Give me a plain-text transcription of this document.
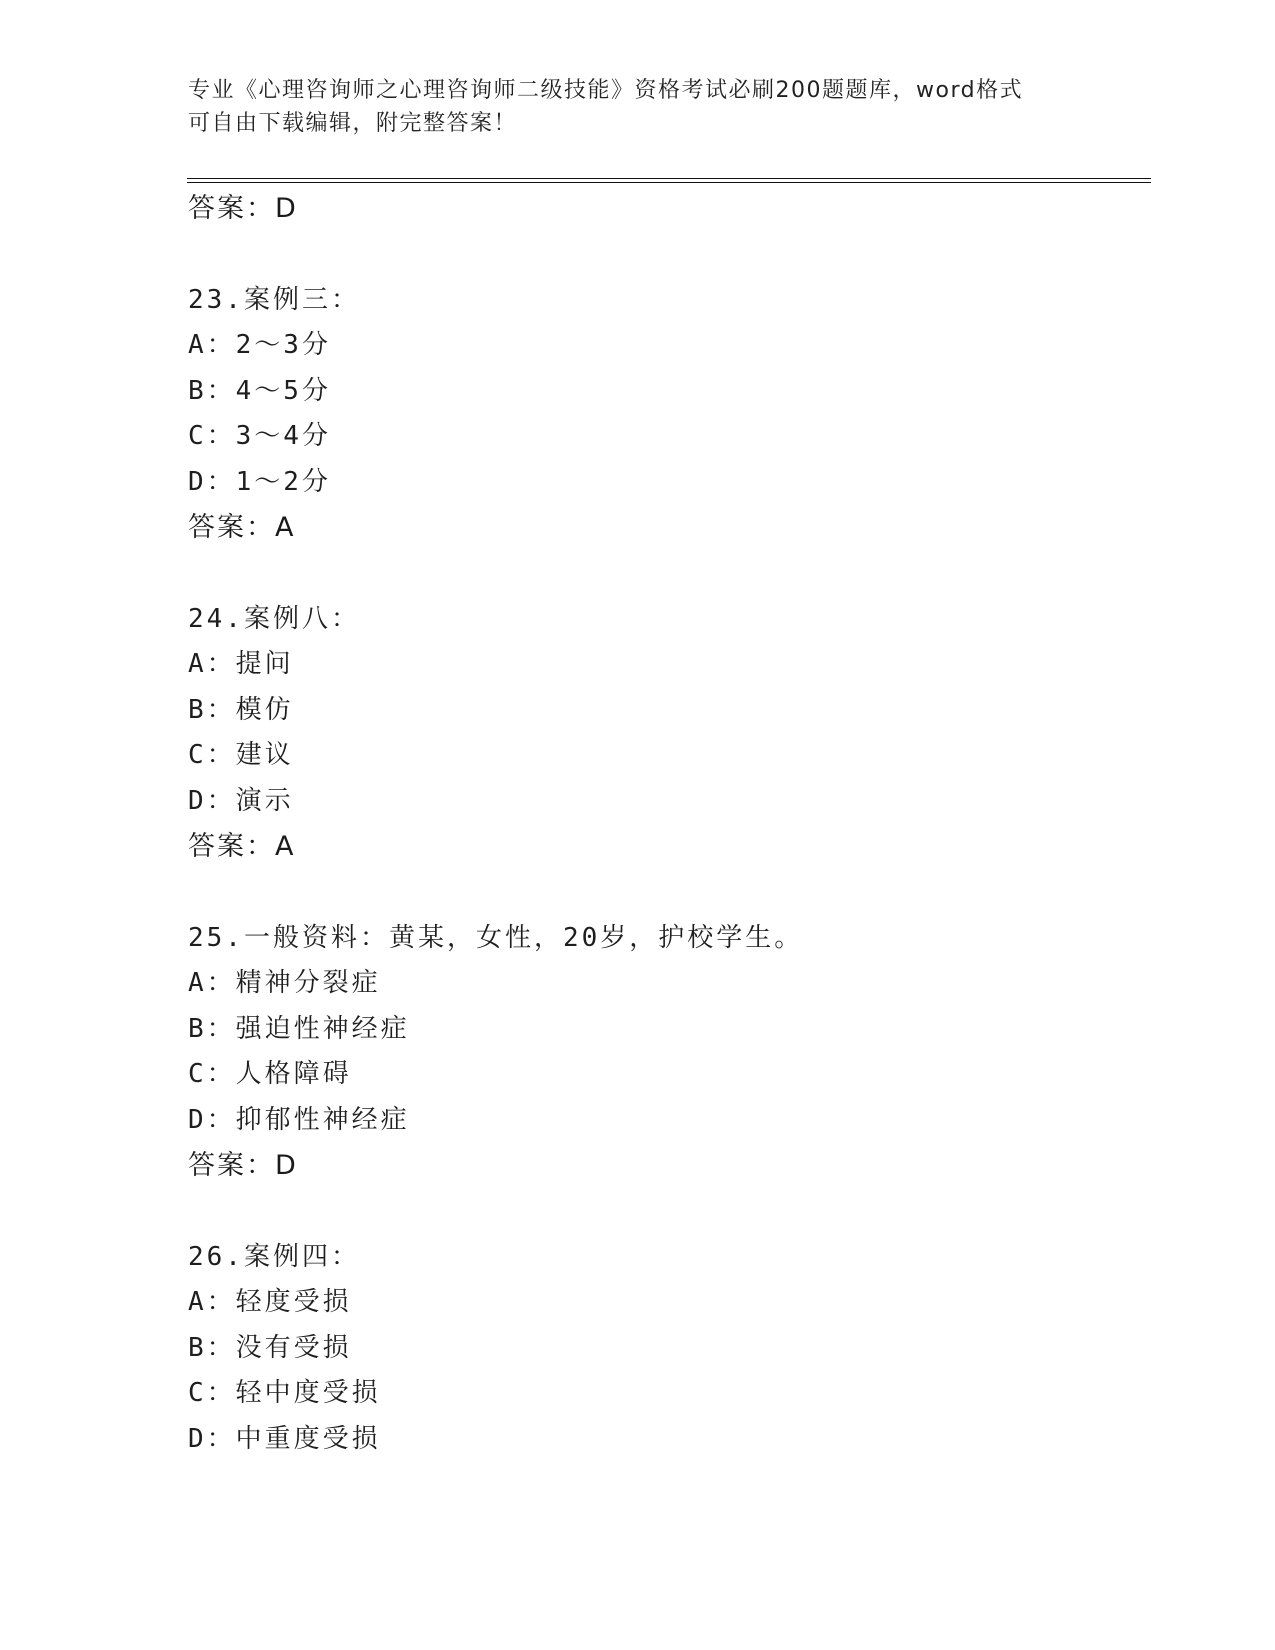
专业《心理咨询师之心理咨询师二级技能》资格考试必刷200题题库，word格式
可自由下载编辑，附完整答案！
答案：D
23.案例三：
A：2～3分
B：4～5分
C：3～4分
D：1～2分
答案：A
24.案例八：
A：提问
B：模仿
C：建议
D：演示
答案：A
25.一般资料：黄某，女性，20岁，护校学生。
A：精神分裂症
B：强迫性神经症
C：人格障碍
D：抑郁性神经症
答案：D
26.案例四：
A：轻度受损
B：没有受损
C：轻中度受损
D：中重度受损
